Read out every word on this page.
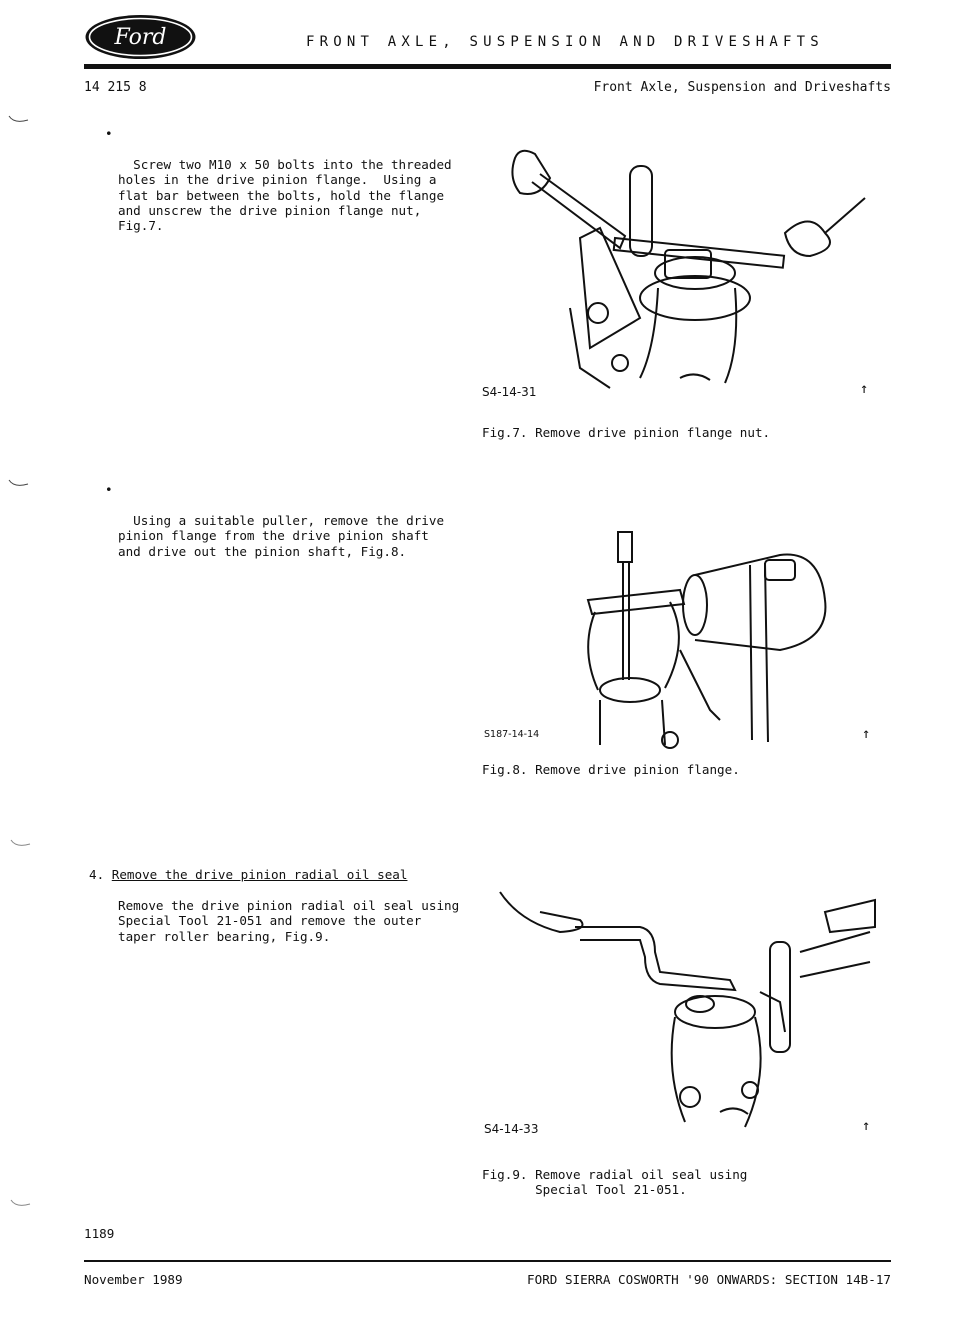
Ford	FRONT AXLE, SUSPENSION AND DRIVESHAFTS
14 215 8	Front Axle, Suspension and Driveshafts

•

Screw two M10 x 50 bolts into the threaded
holes in the drive pinion flange.  Using a
flat bar between the bolts, hold the flange
and unscrew the drive pinion flange nut,
Fig.7.

•

Using a suitable puller, remove the drive
pinion flange from the drive pinion shaft
and drive out the pinion shaft, Fig.8.

4. Remove the drive pinion radial oil seal
Remove the drive pinion radial oil seal using
Special Tool 21-051 and remove the outer
taper roller bearing, Fig.9.
S4-14-31	↑
Fig.7. Remove drive pinion flange nut.
S187-14-14	↑
Fig.8. Remove drive pinion flange.
S4-14-33	↑
Fig.9. Remove radial oil seal using
Special Tool 21-051.
1189
November 1989	FORD SIERRA COSWORTH '90 ONWARDS: SECTION 14B-17
